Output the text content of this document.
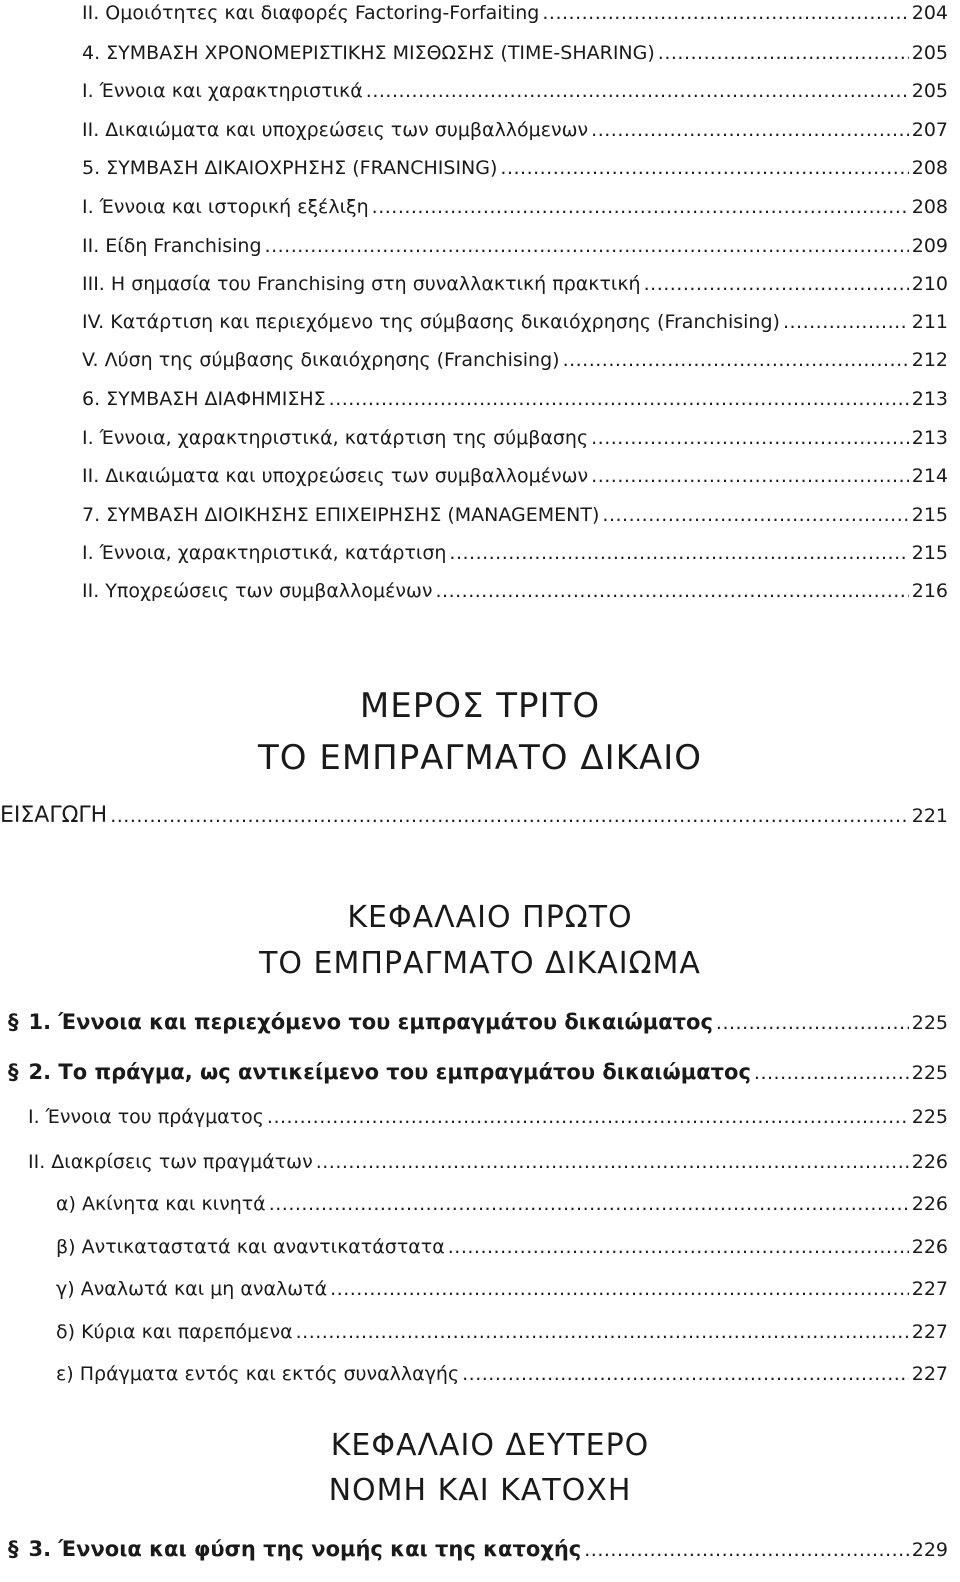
II. Ομοιότητες και διαφορές Factoring-Forfaiting .....	204
4. ΣΥΜΒΑΣΗ ΧΡΟΝΟΜΕΡΙΣΤΙΚΗΣ ΜΙΣΘΩΣΗΣ (TIME-SHARING) .....	205
I. Έννοια και χαρακτηριστικά .....	205
II. Δικαιώματα και υποχρεώσεις των συμβαλλόμενων .....	207
5. ΣΥΜΒΑΣΗ ΔΙΚΑΙΟΧΡΗΣΗΣ (FRANCHISING) .....	208
I. Έννοια και ιστορική εξέλιξη .....	208
II. Είδη Franchising .....	209
III. Η σημασία του Franchising στη συναλλακτική πρακτική .....	210
IV. Κατάρτιση και περιεχόμενο της σύμβασης δικαιόχρησης (Franchising) .....	211
V. Λύση της σύμβασης δικαιόχρησης (Franchising) .....	212
6. ΣΥΜΒΑΣΗ ΔΙΑΦΗΜΙΣΗΣ .....	213
I. Έννοια, χαρακτηριστικά, κατάρτιση της σύμβασης .....	213
II. Δικαιώματα και υποχρεώσεις των συμβαλλομένων .....	214
7. ΣΥΜΒΑΣΗ ΔΙΟΙΚΗΣΗΣ ΕΠΙΧΕΙΡΗΣΗΣ (MANAGEMENT) .....	215
I. Έννοια, χαρακτηριστικά, κατάρτιση .....	215
II. Υποχρεώσεις των συμβαλλομένων .....	216
ΜΕΡΟΣ ΤΡΙΤΟ
ΤΟ ΕΜΠΡΑΓΜΑΤΟ ΔΙΚΑΙΟ
ΕΙΣΑΓΩΓΗ .....	221
ΚΕΦΑΛΑΙΟ ΠΡΩΤΟ
ΤΟ ΕΜΠΡΑΓΜΑΤΟ ΔΙΚΑΙΩΜΑ
§ 1. Έννοια και περιεχόμενο του εμπραγμάτου δικαιώματος .....	225
§ 2. Το πράγμα, ως αντικείμενο του εμπραγμάτου δικαιώματος .....	225
I. Έννοια του πράγματος .....	225
II. Διακρίσεις των πραγμάτων .....	226
α) Ακίνητα και κινητά .....	226
β) Αντικαταστατά και αναντικατάστατα .....	226
γ) Αναλωτά και μη αναλωτά .....	227
δ) Κύρια και παρεπόμενα .....	227
ε) Πράγματα εντός και εκτός συναλλαγής .....	227
ΚΕΦΑΛΑΙΟ ΔΕΥΤΕΡΟ
ΝΟΜΗ ΚΑΙ ΚΑΤΟΧΗ
§ 3. Έννοια και φύση της νομής και της κατοχής .....	229
